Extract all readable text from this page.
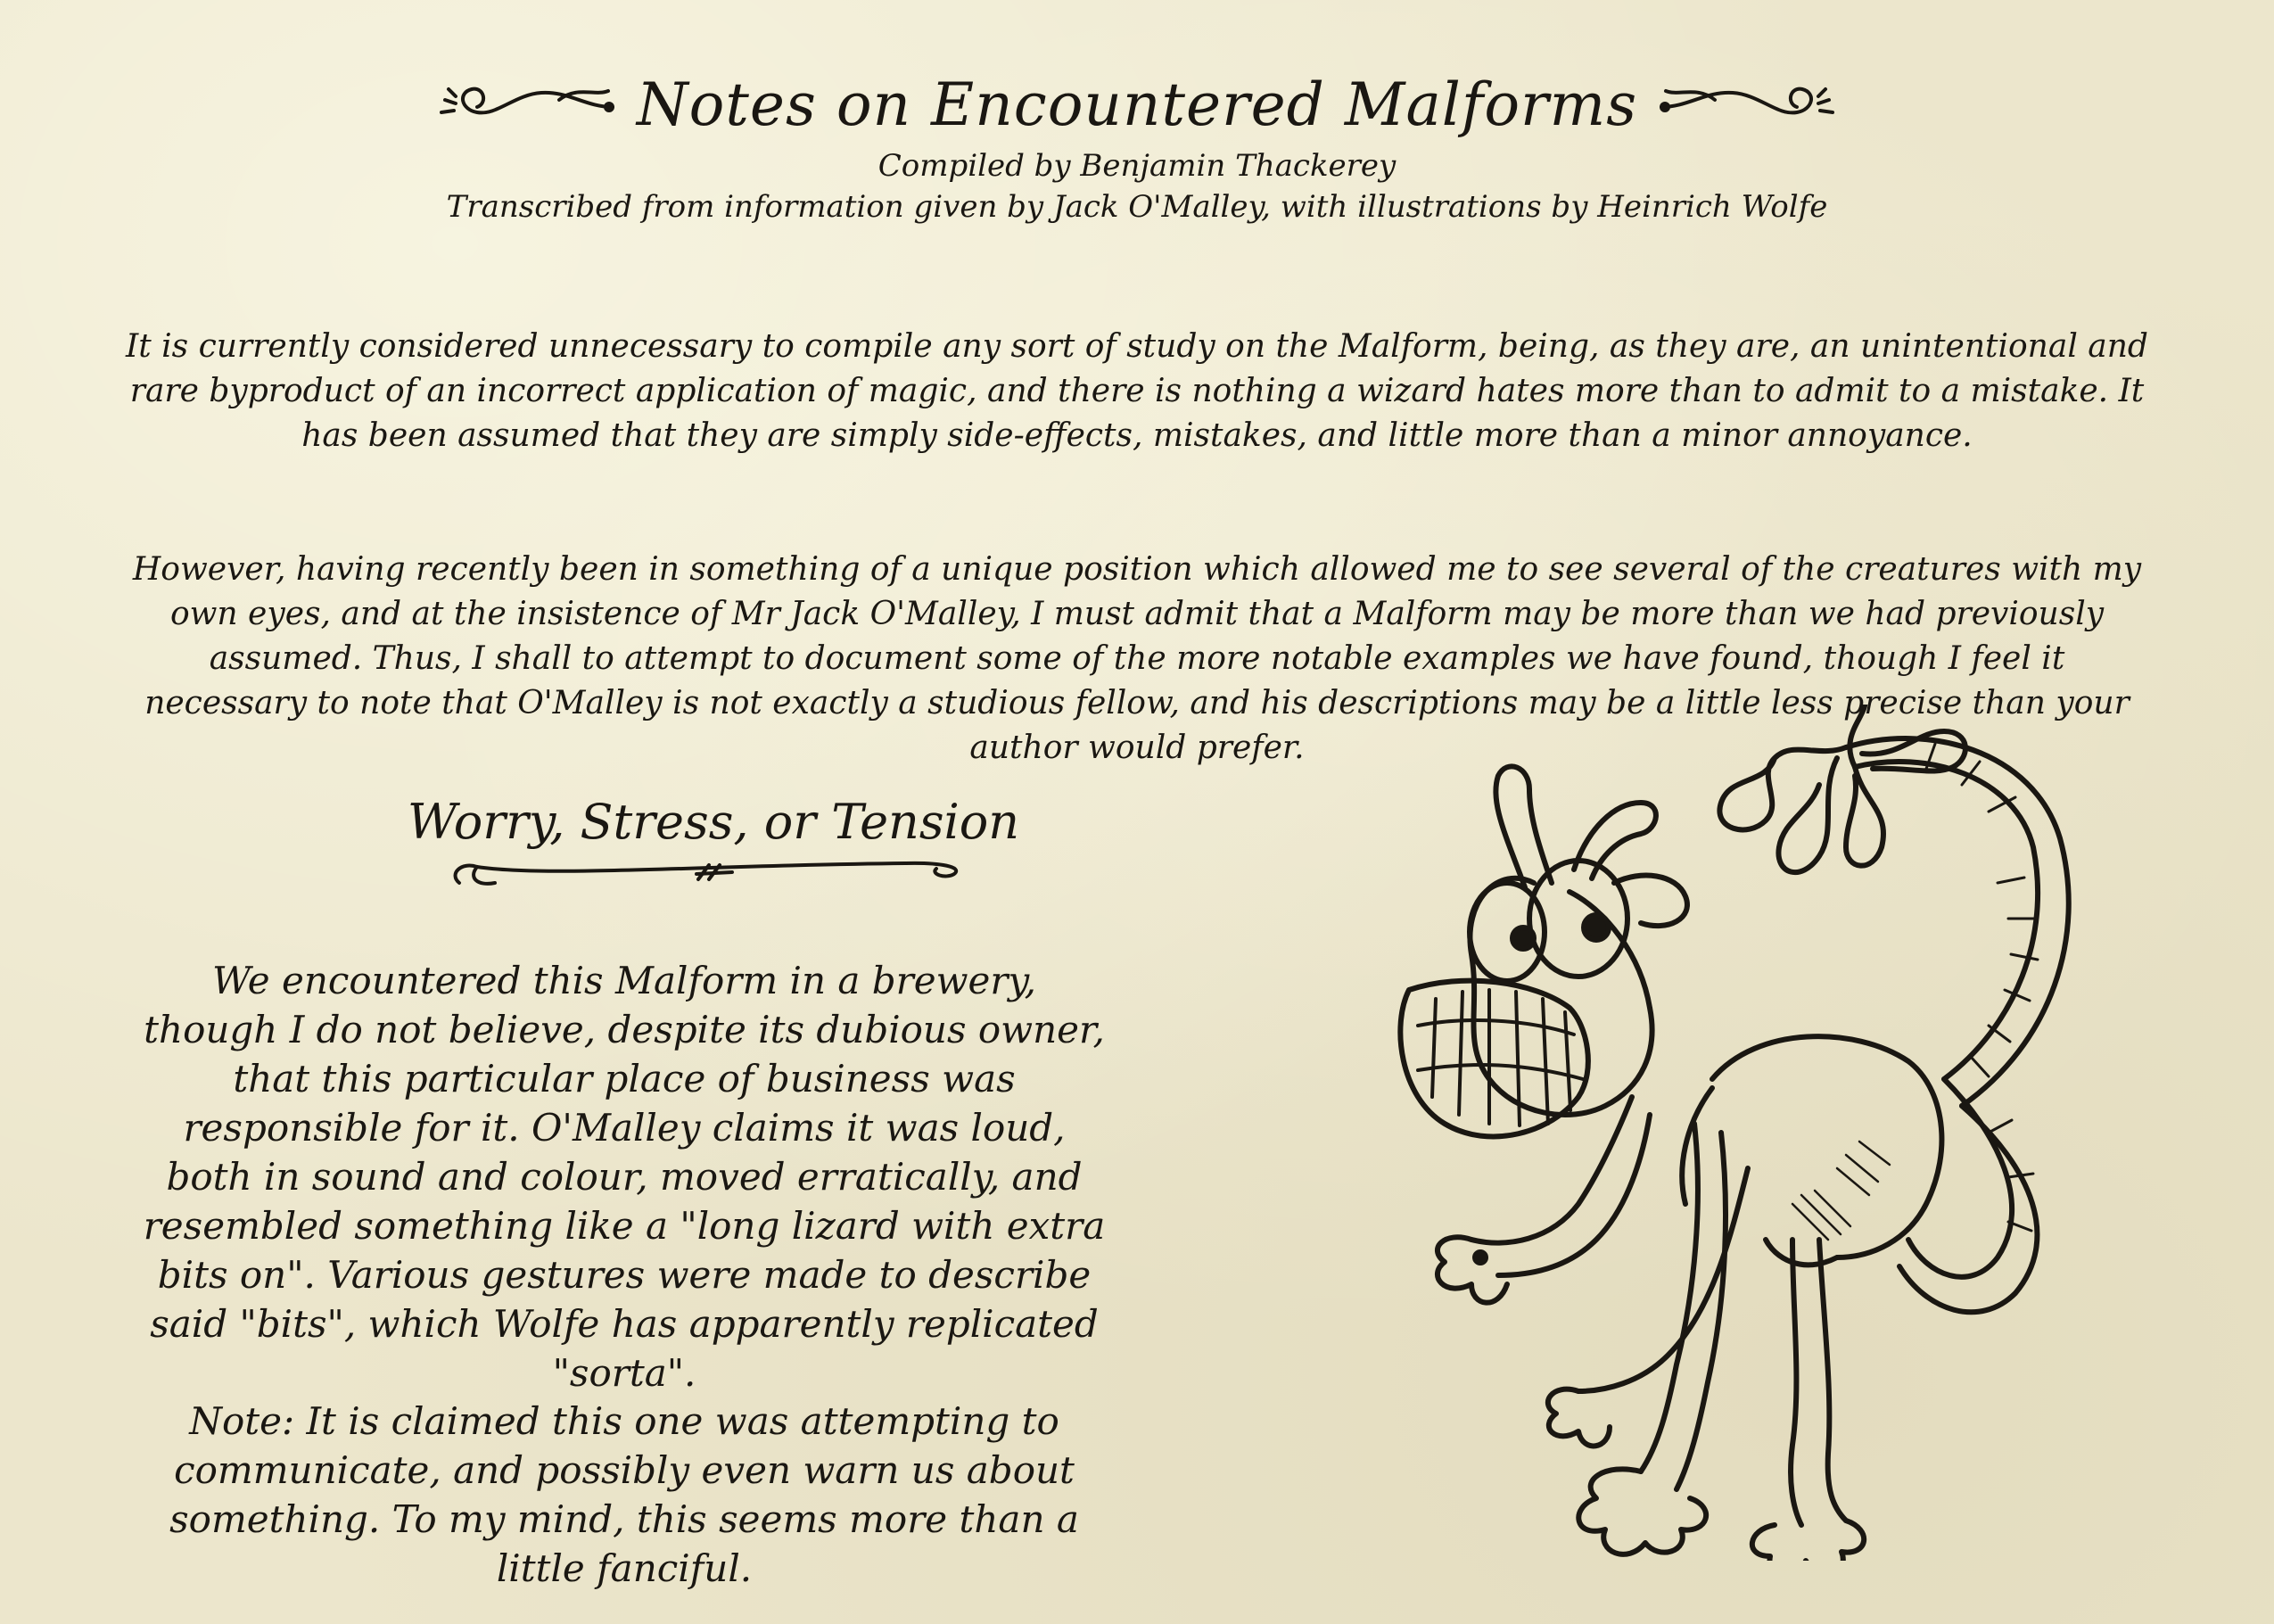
Notes on Encountered Malforms
Compiled by Benjamin Thackerey
Transcribed from information given by Jack O'Malley, with illustrations by Heinrich Wolfe

It is currently considered unnecessary to compile any sort of study on the Malform, being, as they are, an unintentional and rare byproduct of an incorrect application of magic, and there is nothing a wizard hates more than to admit to a mistake. It has been assumed that they are simply side-effects, mistakes, and little more than a minor annoyance.

However, having recently been in something of a unique position which allowed me to see several of the creatures with my own eyes, and at the insistence of Mr Jack O'Malley, I must admit that a Malform may be more than we had previously assumed. Thus, I shall to attempt to document some of the more notable examples we have found, though I feel it necessary to note that O'Malley is not exactly a studious fellow, and his descriptions may be a little less precise than your author would prefer.

Worry, Stress, or Tension

We encountered this Malform in a brewery, though I do not believe, despite its dubious owner, that this particular place of business was responsible for it. O'Malley claims it was loud, both in sound and colour, moved erratically, and resembled something like a "long lizard with extra bits on". Various gestures were made to describe said "bits", which Wolfe has apparently replicated "sorta".

Note: It is claimed this one was attempting to communicate, and possibly even warn us about something. To my mind, this seems more than a little fanciful.
